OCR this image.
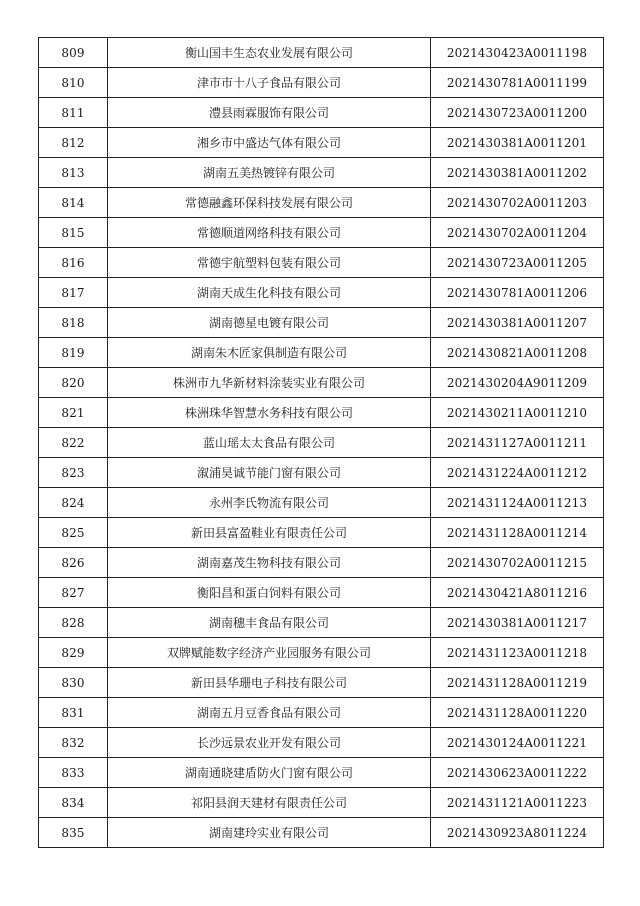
809	衡山国丰生态农业发展有限公司	2021430423A0011198
810	津市市十八子食品有限公司	2021430781A0011199
811	澧县雨霖服饰有限公司	2021430723A0011200
812	湘乡市中盛达气体有限公司	2021430381A0011201
813	湖南五美热镀锌有限公司	2021430381A0011202
814	常德融鑫环保科技发展有限公司	2021430702A0011203
815	常德顺道网络科技有限公司	2021430702A0011204
816	常德宇航塑料包装有限公司	2021430723A0011205
817	湖南天成生化科技有限公司	2021430781A0011206
818	湖南德星电镀有限公司	2021430381A0011207
819	湖南朱木匠家俱制造有限公司	2021430821A0011208
820	株洲市九华新材料涂装实业有限公司	2021430204A9011209
821	株洲珠华智慧水务科技有限公司	2021430211A0011210
822	蓝山瑶太太食品有限公司	2021431127A0011211
823	溆浦昊诚节能门窗有限公司	2021431224A0011212
824	永州李氏物流有限公司	2021431124A0011213
825	新田县富盈鞋业有限责任公司	2021431128A0011214
826	湖南嘉茂生物科技有限公司	2021430702A0011215
827	衡阳昌和蛋白饲料有限公司	2021430421A8011216
828	湖南穗丰食品有限公司	2021430381A0011217
829	双牌赋能数字经济产业园服务有限公司	2021431123A0011218
830	新田县华珊电子科技有限公司	2021431128A0011219
831	湖南五月豆香食品有限公司	2021431128A0011220
832	长沙远景农业开发有限公司	2021430124A0011221
833	湖南通晓建盾防火门窗有限公司	2021430623A0011222
834	祁阳县润天建材有限责任公司	2021431121A0011223
835	湖南建玲实业有限公司	2021430923A8011224
